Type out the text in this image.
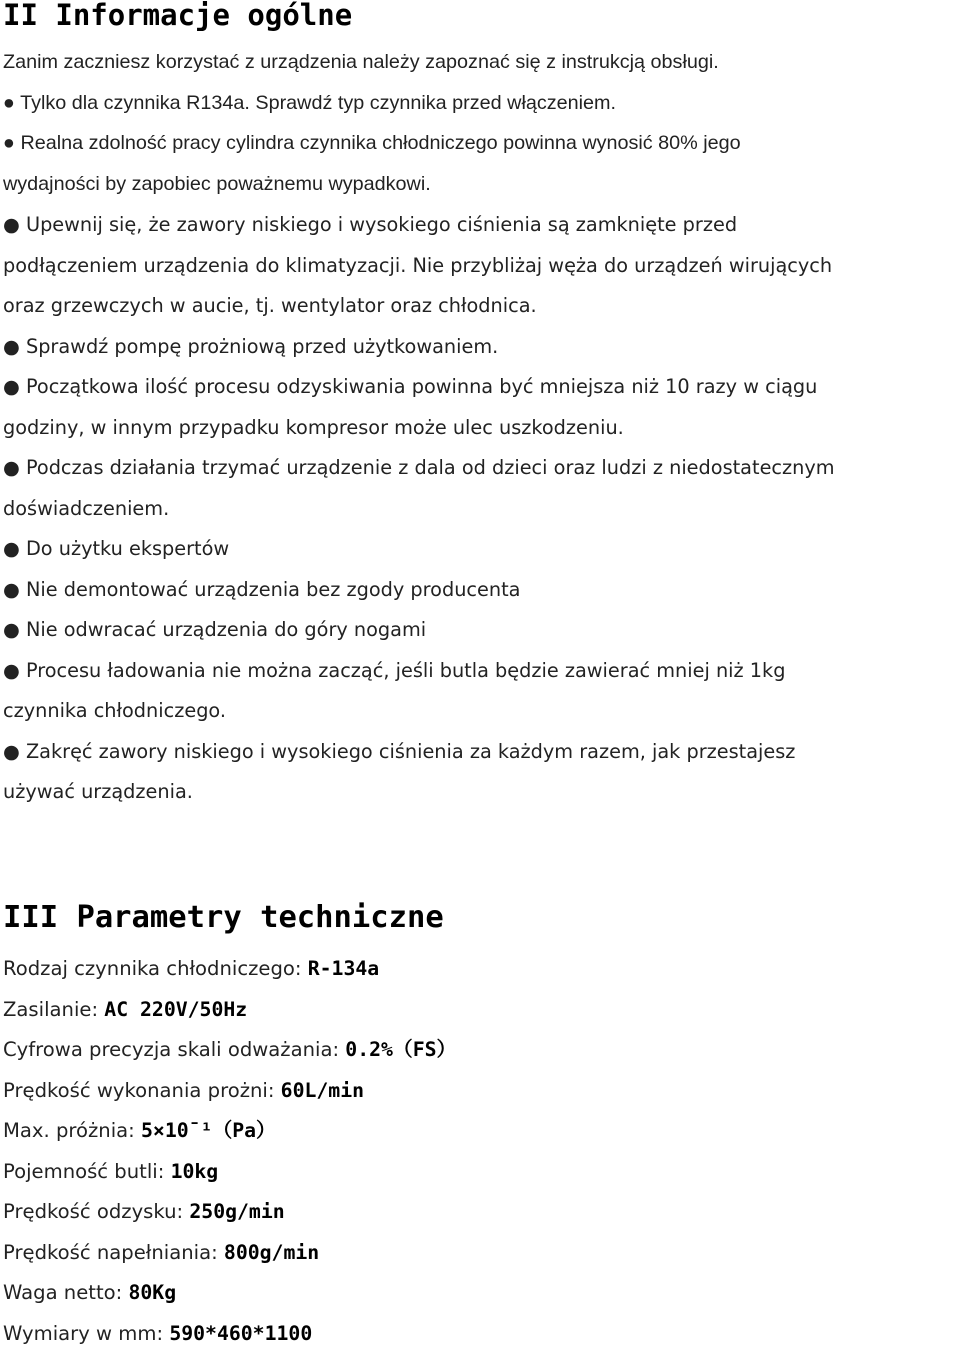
II Informacje ogólne
Zanim zaczniesz korzystać z urządzenia należy zapoznać się z instrukcją obsługi.
● Tylko dla czynnika R134a. Sprawdź typ czynnika przed włączeniem.
● Realna zdolność pracy cylindra czynnika chłodniczego powinna wynosić 80% jego
wydajności by zapobiec poważnemu wypadkowi.
● Upewnij się, że zawory niskiego i wysokiego ciśnienia są zamknięte przed
podłączeniem urządzenia do klimatyzacji. Nie przybliżaj węża do urządzeń wirujących
oraz grzewczych w aucie, tj. wentylator oraz chłodnica.
● Sprawdź pompę prożniową przed użytkowaniem.
● Początkowa ilość procesu odzyskiwania powinna być mniejsza niż 10 razy w ciągu
godziny, w innym przypadku kompresor może ulec uszkodzeniu.
● Podczas działania trzymać urządzenie z dala od dzieci oraz ludzi z niedostatecznym
doświadczeniem.
● Do użytku ekspertów
● Nie demontować urządzenia bez zgody producenta
● Nie odwracać urządzenia do góry nogami
● Procesu ładowania nie można zacząć, jeśli butla będzie zawierać mniej niż 1kg
czynnika chłodniczego.
● Zakręć zawory niskiego i wysokiego ciśnienia za każdym razem, jak przestajesz
używać urządzenia.
III Parametry techniczne
Rodzaj czynnika chłodniczego: R-134a
Zasilanie: AC 220V/50Hz
Cyfrowa precyzja skali odważania: 0.2%（FS）
Prędkość wykonania prożni: 60L/min
Max. próżnia: 5×10¯¹（Pa）
Pojemność butli: 10kg
Prędkość odzysku: 250g/min
Prędkość napełniania: 800g/min
Waga netto: 80Kg
Wymiary w mm: 590*460*1100
